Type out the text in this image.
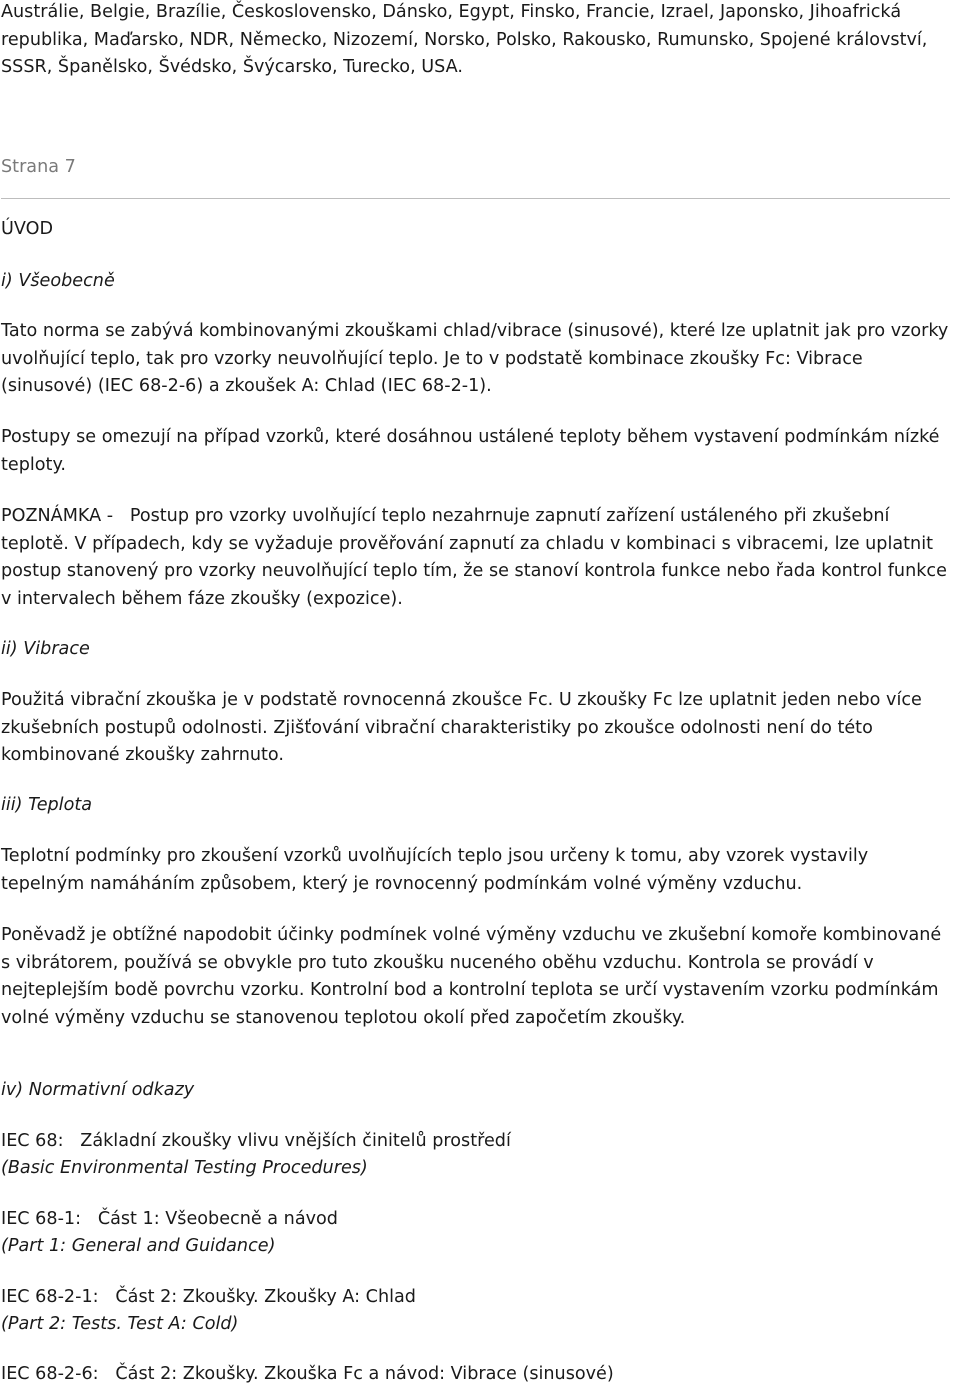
Austrálie, Belgie, Brazílie, Československo, Dánsko, Egypt, Finsko, Francie, Izrael, Japonsko, Jihoafrická republika, Maďarsko, NDR, Německo, Nizozemí, Norsko, Polsko, Rakousko, Rumunsko, Spojené království, SSSR, Španělsko, Švédsko, Švýcarsko, Turecko, USA.

Strana 7

ÚVOD

i) Všeobecně

Tato norma se zabývá kombinovanými zkouškami chlad/vibrace (sinusové), které lze uplatnit jak pro vzorky uvolňující teplo, tak pro vzorky neuvolňující teplo. Je to v podstatě kombinace zkoušky Fc: Vibrace (sinusové) (IEC 68-2-6) a zkoušek A: Chlad (IEC 68-2-1).

Postupy se omezují na případ vzorků, které dosáhnou ustálené teploty během vystavení podmínkám nízké teploty.

POZNÁMKA - Postup pro vzorky uvolňující teplo nezahrnuje zapnutí zařízení ustáleného při zkušební teplotě. V případech, kdy se vyžaduje prověřování zapnutí za chladu v kombinaci s vibracemi, lze uplatnit postup stanovený pro vzorky neuvolňující teplo tím, že se stanoví kontrola funkce nebo řada kontrol funkce v intervalech během fáze zkoušky (expozice).

ii) Vibrace

Použitá vibrační zkouška je v podstatě rovnocenná zkoušce Fc. U zkoušky Fc lze uplatnit jeden nebo více zkušebních postupů odolnosti. Zjišťování vibrační charakteristiky po zkoušce odolnosti není do této kombinované zkoušky zahrnuto.

iii) Teplota

Teplotní podmínky pro zkoušení vzorků uvolňujících teplo jsou určeny k tomu, aby vzorek vystavily tepelným namáháním způsobem, který je rovnocenný podmínkám volné výměny vzduchu.

Poněvadž je obtížné napodobit účinky podmínek volné výměny vzduchu ve zkušební komoře kombinované s vibrátorem, používá se obvykle pro tuto zkoušku nuceného oběhu vzduchu. Kontrola se provádí v nejteplejším bodě povrchu vzorku. Kontrolní bod a kontrolní teplota se určí vystavením vzorku podmínkám volné výměny vzduchu se stanovenou teplotou okolí před započetím zkoušky.

iv) Normativní odkazy

IEC 68: Základní zkoušky vlivu vnějších činitelů prostředí

(Basic Environmental Testing Procedures)

IEC 68-1: Část 1: Všeobecně a návod

(Part 1: General and Guidance)

IEC 68-2-1: Část 2: Zkoušky. Zkoušky A: Chlad

(Part 2: Tests. Test A: Cold)

IEC 68-2-6: Část 2: Zkoušky. Zkouška Fc a návod: Vibrace (sinusové)
